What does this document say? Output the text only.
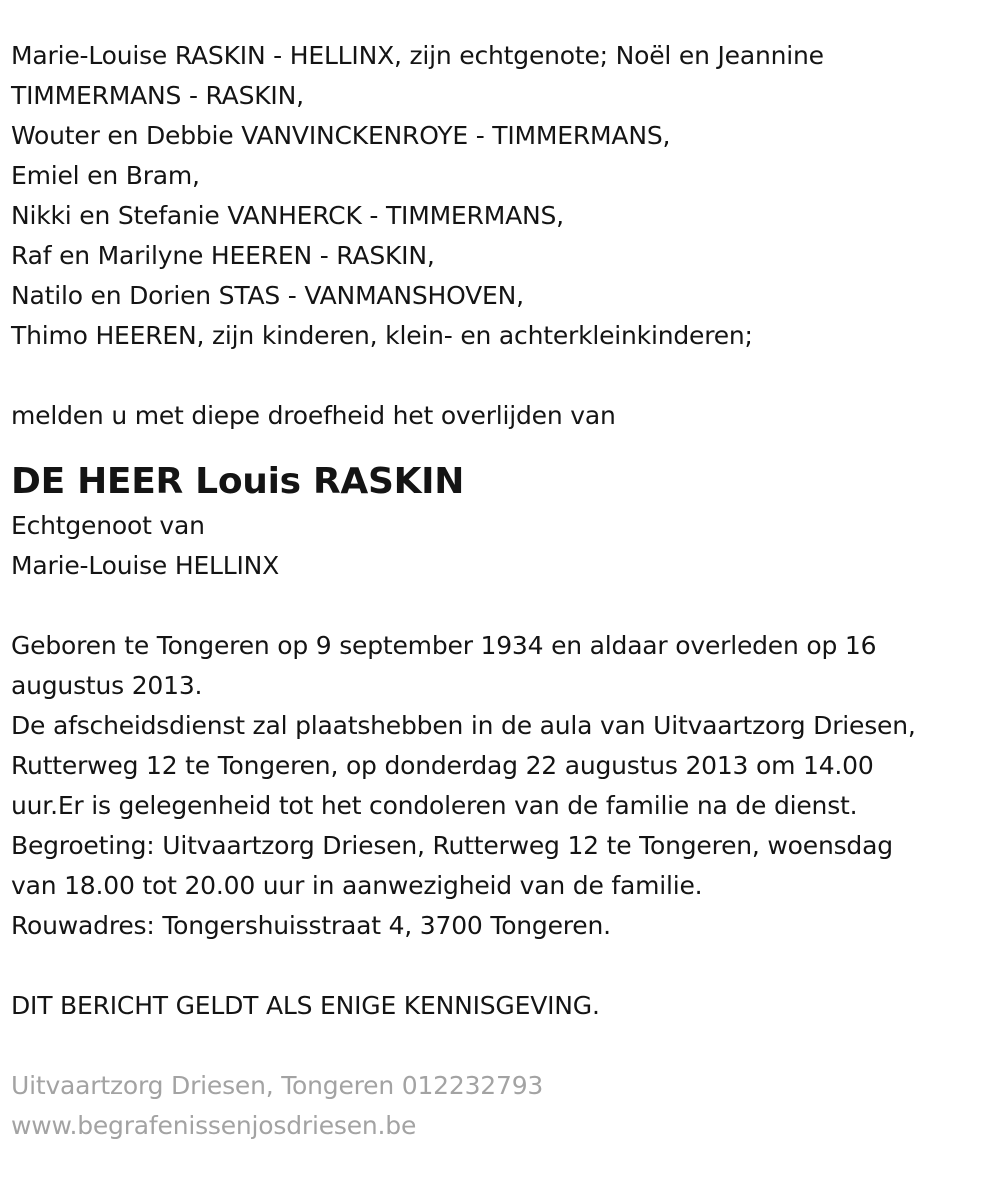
Marie-Louise RASKIN - HELLINX, zijn echtgenote; Noël en Jeannine
TIMMERMANS - RASKIN,
Wouter en Debbie VANVINCKENROYE - TIMMERMANS,
Emiel en Bram,
Nikki en Stefanie VANHERCK - TIMMERMANS,
Raf en Marilyne HEEREN - RASKIN,
Natilo en Dorien STAS - VANMANSHOVEN,
Thimo HEEREN, zijn kinderen, klein- en achterkleinkinderen;
melden u met diepe droefheid het overlijden van
DE HEER Louis RASKIN
Echtgenoot van
Marie-Louise HELLINX
Geboren te Tongeren op 9 september 1934 en aldaar overleden op 16
augustus 2013.
De afscheidsdienst zal plaatshebben in de aula van Uitvaartzorg Driesen,
Rutterweg 12 te Tongeren, op donderdag 22 augustus 2013 om 14.00
uur.Er is gelegenheid tot het condoleren van de familie na de dienst.
Begroeting: Uitvaartzorg Driesen, Rutterweg 12 te Tongeren, woensdag
van 18.00 tot 20.00 uur in aanwezigheid van de familie.
Rouwadres: Tongershuisstraat 4, 3700 Tongeren.
DIT BERICHT GELDT ALS ENIGE KENNISGEVING.
Uitvaartzorg Driesen, Tongeren 012232793
www.begrafenissenjosdriesen.be
